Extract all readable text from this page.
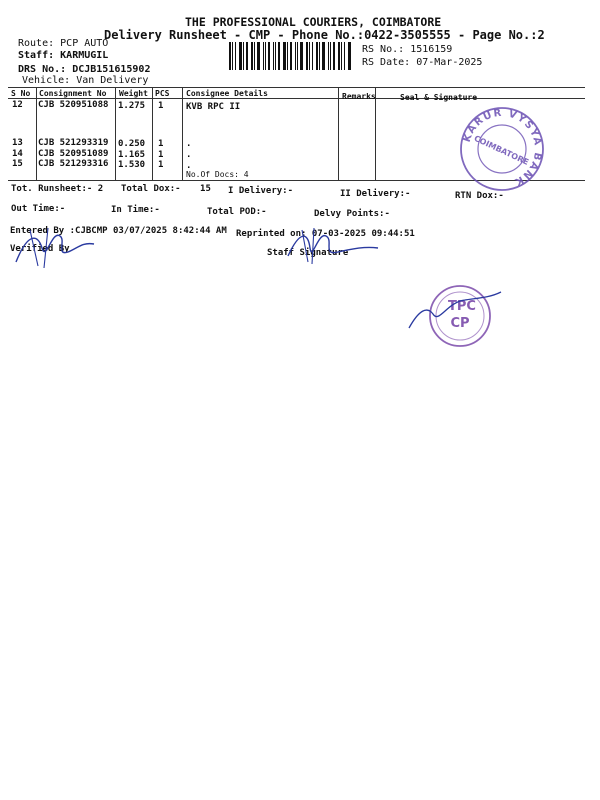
THE PROFESSIONAL COURIERS, COIMBATORE
Delivery Runsheet - CMP - Phone No.:0422-3505555 - Page No.:2
Route: PCP AUTO
Staff: KARMUGIL
DRS No.: DCJB151615902
Vehicle: Van Delivery
RS No.: 1516159
RS Date: 07-Mar-2025
S No Consignment No Weight PCS Consignee Details	Remarks	Seal & Signature
12 CJB 520951088 1.275 1	KVB RPC II
13 CJB 521293319 0.250 1	.
14 CJB 520951089 1.165 1	.
15 CJB 521293316 1.530 1	.
No.Of Docs: 4
Tot. Runsheet:- 2 Total Dox:- 15 I Delivery:-	II Delivery:-	RTN Dox:-
Out Time:-	In Time:-	Total POD:-	Delvy Points:-
Entered By :CJBCMP 03/07/2025 8:42:44 AM Reprinted on: 07-03-2025 09:44:51
Verified By	Staff Signature
KARUR VYSYA BANK
COIMBATORE
TPC
CP
